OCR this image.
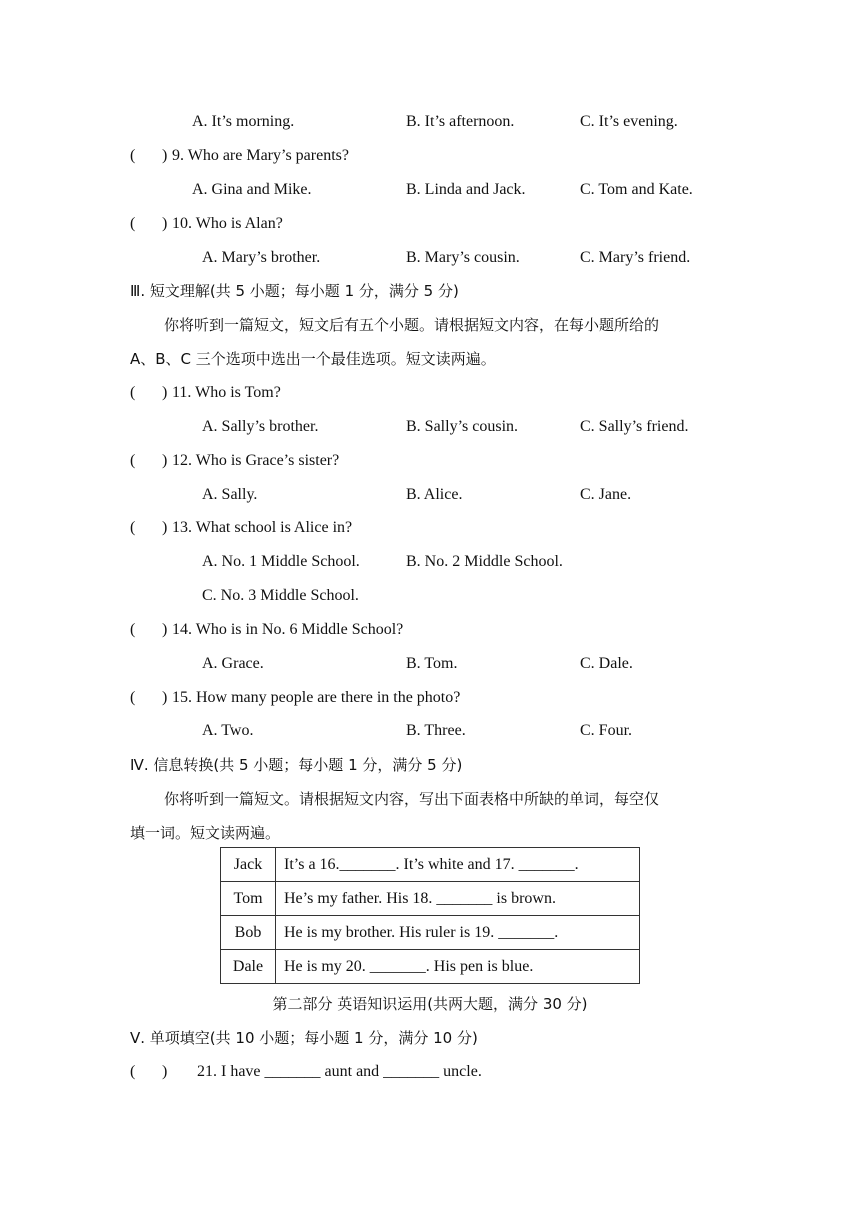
A. It’s morning.	B. It’s afternoon.	C. It’s evening.
( ) 9. Who are Mary’s parents?
A. Gina and Mike.	B. Linda and Jack.	C. Tom and Kate.
( ) 10. Who is Alan?
A. Mary’s brother.	B. Mary’s cousin.	C. Mary’s friend.
Ⅲ. 短文理解(共 5 小题；每小题 1 分，满分 5 分)
你将听到一篇短文，短文后有五个小题。请根据短文内容，在每小题所给的
A、B、C 三个选项中选出一个最佳选项。短文读两遍。
( ) 11. Who is Tom?
A. Sally’s brother.	B. Sally’s cousin.	C. Sally’s friend.
( ) 12. Who is Grace’s sister?
A. Sally.	B. Alice.	C. Jane.
( ) 13. What school is Alice in?
A. No. 1 Middle School.	B. No. 2 Middle School.
C. No. 3 Middle School.
( ) 14. Who is in No. 6 Middle School?
A. Grace.	B. Tom.	C. Dale.
( ) 15. How many people are there in the photo?
A. Two.	B. Three.	C. Four.
Ⅳ. 信息转换(共 5 小题；每小题 1 分，满分 5 分)
你将听到一篇短文。请根据短文内容，写出下面表格中所缺的单词，每空仅
填一词。短文读两遍。
Jack	It’s a 16._______. It’s white and 17. _______.
Tom	He’s my father. His 18. _______ is brown.
Bob	He is my brother. His ruler is 19. _______.
Dale	He is my 20. _______. His pen is blue.
第二部分 英语知识运用(共两大题，满分 30 分)
Ⅴ. 单项填空(共 10 小题；每小题 1 分，满分 10 分)
( ) 21. I have _______ aunt and _______ uncle.
